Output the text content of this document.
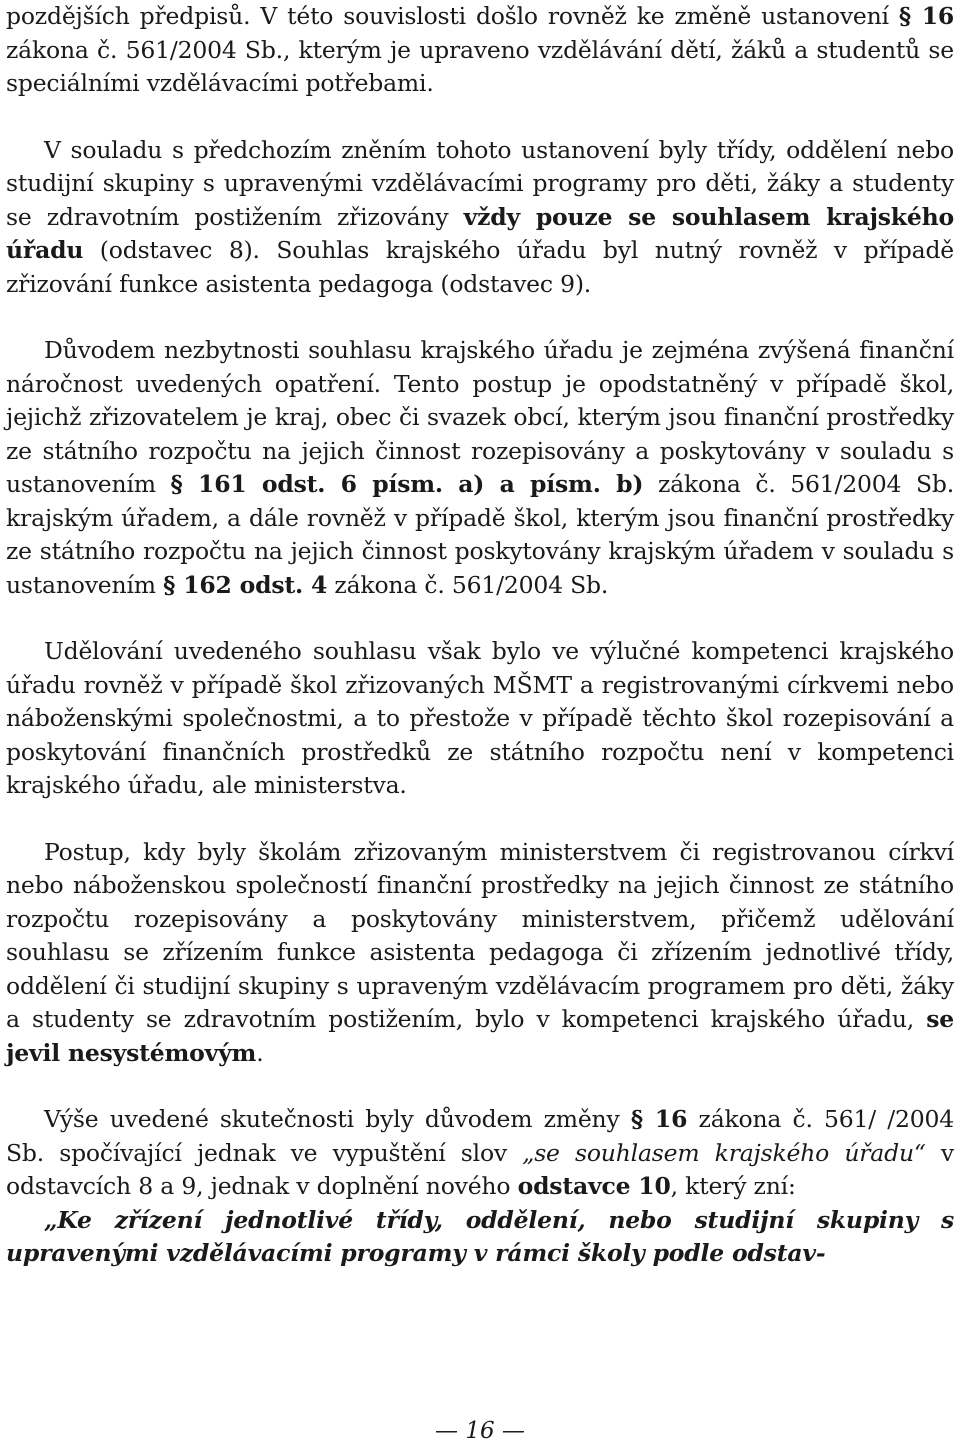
pozdějších předpisů. V této souvislosti došlo rovněž ke změně ustanovení § 16 zákona č. 561/2004 Sb., kterým je upraveno vzdělávání dětí, žáků a studentů se speciálními vzdělávacími potřebami.

V souladu s předchozím zněním tohoto ustanovení byly třídy, oddělení nebo studijní skupiny s upravenými vzdělávacími programy pro děti, žáky a studenty se zdravotním postižením zřizovány vždy pouze se souhlasem krajského úřadu (odstavec 8). Souhlas krajského úřadu byl nutný rovněž v případě zřizování funkce asistenta pedagoga (odstavec 9).

Důvodem nezbytnosti souhlasu krajského úřadu je zejména zvýšená finanční náročnost uvedených opatření. Tento postup je opodstatněný v případě škol, jejichž zřizovatelem je kraj, obec či svazek obcí, kterým jsou finanční prostředky ze státního rozpočtu na jejich činnost rozepisovány a poskytovány v souladu s ustanovením § 161 odst. 6 písm. a) a písm. b) zákona č. 561/2004 Sb. krajským úřadem, a dále rovněž v případě škol, kterým jsou finanční prostředky ze státního rozpočtu na jejich činnost poskytovány krajským úřadem v souladu s ustanovením § 162 odst. 4 zákona č. 561/2004 Sb.

Udělování uvedeného souhlasu však bylo ve výlučné kompetenci krajského úřadu rovněž v případě škol zřizovaných MŠMT a registrovanými církvemi nebo náboženskými společnostmi, a to přestože v případě těchto škol rozepisování a poskytování finančních prostředků ze státního rozpočtu není v kompetenci krajského úřadu, ale ministerstva.

Postup, kdy byly školám zřizovaným ministerstvem či registrovanou církví nebo náboženskou společností finanční prostředky na jejich činnost ze státního rozpočtu rozepisovány a poskytovány ministerstvem, přičemž udělování souhlasu se zřízením funkce asistenta pedagoga či zřízením jednotlivé třídy, oddělení či studijní skupiny s upraveným vzdělávacím programem pro děti, žáky a studenty se zdravotním postižením, bylo v kompetenci krajského úřadu, se jevil nesystémovým.

Výše uvedené skutečnosti byly důvodem změny § 16 zákona č. 561/ /2004 Sb. spočívající jednak ve vypuštění slov „se souhlasem krajského úřadu“ v odstavcích 8 a 9, jednak v doplnění nového odstavce 10, který zní:

„Ke zřízení jednotlivé třídy, oddělení, nebo studijní skupiny s upravenými vzdělávacími programy v rámci školy podle odstav-

— 16 —
